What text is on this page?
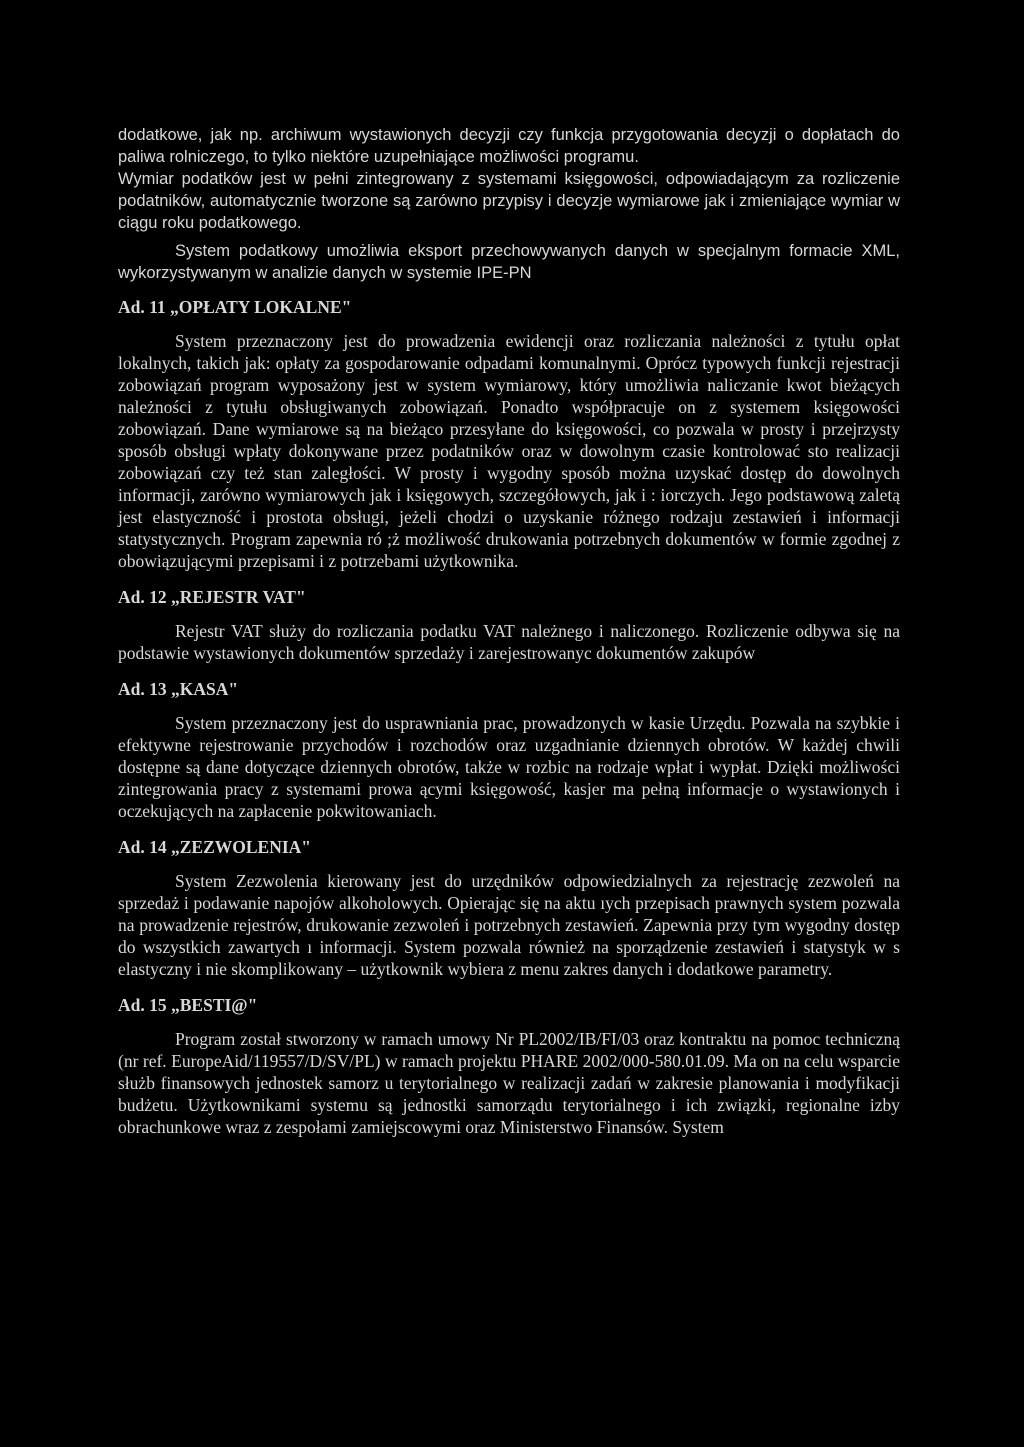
dodatkowe, jak np. archiwum wystawionych decyzji czy funkcja przygotowania decyzji o dopłatach do paliwa rolniczego, to tylko niektóre uzupełniające możliwości programu.

Wymiar podatków jest w pełni zintegrowany z systemami księgowości, odpowiadającym za rozliczenie podatników, automatycznie tworzone są zarówno przypisy i decyzje wymiarowe jak i zmieniające wymiar w ciągu roku podatkowego.

System podatkowy umożliwia eksport przechowywanych danych w specjalnym formacie XML, wykorzystywanym w analizie danych w systemie IPE-PN

Ad. 11 „OPŁATY LOKALNE"

System przeznaczony jest do prowadzenia ewidencji oraz rozliczania należności z tytułu opłat lokalnych, takich jak: opłaty za gospodarowanie odpadami komunalnymi. Oprócz typowych funkcji rejestracji zobowiązań program wyposażony jest w system wymiarowy, który umożliwia naliczanie kwot bieżących należności z tytułu obsługiwanych zobowiązań. Ponadto współpracuje on z systemem księgowości zobowiązań. Dane wymiarowe są na bieżąco przesyłane do księgowości, co pozwala w prosty i przejrzysty sposób obsługi wpłaty dokonywane przez podatników oraz w dowolnym czasie kontrolować sto realizacji zobowiązań czy też stan zaległości. W prosty i wygodny sposób można uzyskać dostęp do dowolnych informacji, zarówno wymiarowych jak i księgowych, szczegółowych, jak i : iorczych. Jego podstawową zaletą jest elastyczność i prostota obsługi, jeżeli chodzi o uzyskanie różnego rodzaju zestawień i informacji statystycznych. Program zapewnia ró ;ż możliwość drukowania potrzebnych dokumentów w formie zgodnej z obowiązującymi przepisami i z potrzebami użytkownika.

Ad. 12 „REJESTR VAT"

Rejestr VAT służy do rozliczania podatku VAT należnego i naliczonego. Rozliczenie odbywa się na podstawie wystawionych dokumentów sprzedaży i zarejestrowanyc dokumentów zakupów

Ad. 13 „KASA"

System przeznaczony jest do usprawniania prac, prowadzonych w kasie Urzędu. Pozwala na szybkie i efektywne rejestrowanie przychodów i rozchodów oraz uzgadnianie dziennych obrotów. W każdej chwili dostępne są dane dotyczące dziennych obrotów, także w rozbic na rodzaje wpłat i wypłat. Dzięki możliwości zintegrowania pracy z systemami prowa ącymi księgowość, kasjer ma pełną informacje o wystawionych i oczekujących na zapłacenie pokwitowaniach.

Ad. 14 „ZEZWOLENIA"

System Zezwolenia kierowany jest do urzędników odpowiedzialnych za rejestrację zezwoleń na sprzedaż i podawanie napojów alkoholowych. Opierając się na aktu ıych przepisach prawnych system pozwala na prowadzenie rejestrów, drukowanie zezwoleń i potrzebnych zestawień. Zapewnia przy tym wygodny dostęp do wszystkich zawartych ı informacji. System pozwala również na sporządzenie zestawień i statystyk w s elastyczny i nie skomplikowany – użytkownik wybiera z menu zakres danych i dodatkowe parametry.

Ad. 15 „BESTI@"

Program został stworzony w ramach umowy Nr PL2002/IB/FI/03 oraz kontraktu na pomoc techniczną (nr ref. EuropeAid/119557/D/SV/PL) w ramach projektu PHARE 2002/000-580.01.09. Ma on na celu wsparcie służb finansowych jednostek samorz u terytorialnego w realizacji zadań w zakresie planowania i modyfikacji budżetu. Użytkownikami systemu są jednostki samorządu terytorialnego i ich związki, regionalne izby obrachunkowe wraz z zespołami zamiejscowymi oraz Ministerstwo Finansów. System
